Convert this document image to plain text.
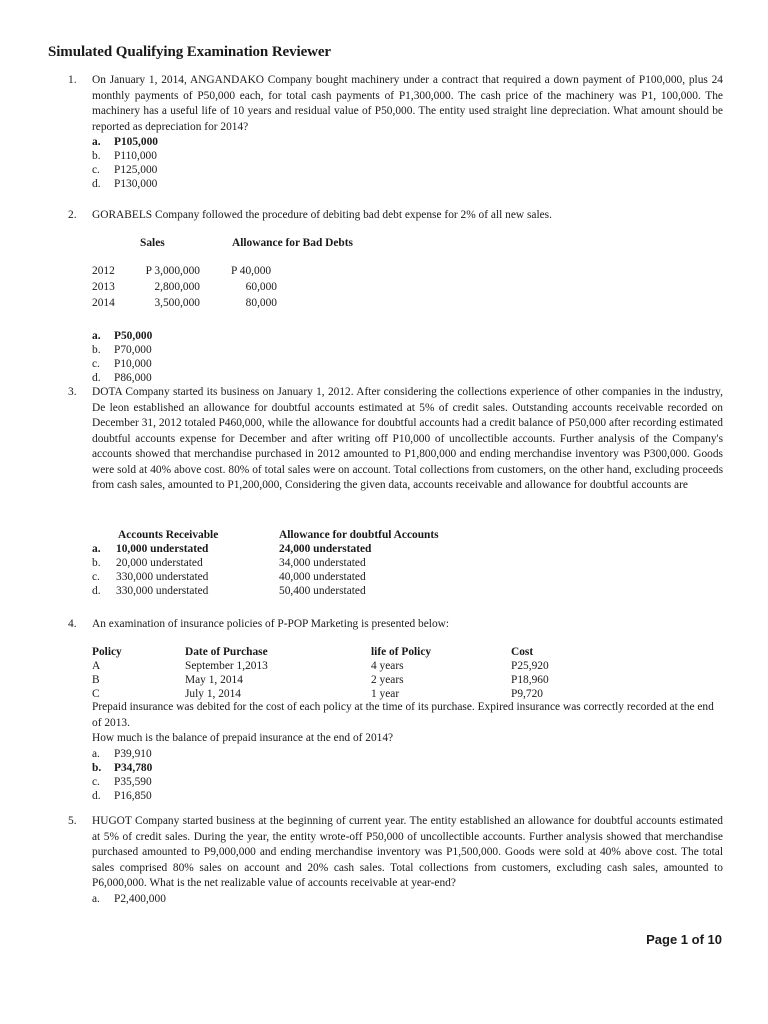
Simulated Qualifying Examination Reviewer
1.	On January 1, 2014, ANGANDAKO Company bought machinery under a contract that required a down payment of P100,000, plus 24 monthly payments of P50,000 each, for total cash payments of P1,300,000. The cash price of the machinery was P1, 100,000. The machinery has a useful life of 10 years and residual value of P50,000. The entity used straight line depreciation. What amount should be reported as depreciation for 2014?
a.	P105,000
b.	P110,000
c.	P125,000
d.	P130,000
2.	GORABELS Company followed the procedure of debiting bad debt expense for 2% of all new sales.
Sales	Allowance for Bad Debts
2012	P 3,000,000	P 40,000
2013	2,800,000	60,000
2014	3,500,000	80,000
a.	P50,000
b.	P70,000
c.	P10,000
d.	P86,000
3.	DOTA Company started its business on January 1, 2012. After considering the collections experience of other companies in the industry, De leon established an allowance for doubtful accounts estimated at 5% of credit sales. Outstanding accounts receivable recorded on December 31, 2012 totaled P460,000, while the allowance for doubtful accounts had a credit balance of P50,000 after recording estimated doubtful accounts expense for December and after writing off P10,000 of uncollectible accounts. Further analysis of the Company's accounts showed that merchandise purchased in 2012 amounted to P1,800,000 and ending merchandise inventory was P300,000. Goods were sold at 40% above cost. 80% of total sales were on account. Total collections from customers, on the other hand, excluding proceeds from cash sales, amounted to P1,200,000, Considering the given data, accounts receivable and allowance for doubtful accounts are
Accounts Receivable	Allowance for doubtful Accounts
a. 10,000 understated	24,000 understated
b. 20,000 understated	34,000 understated
c. 330,000 understated	40,000 understated
d. 330,000 understated	50,400 understated
4.	An examination of insurance policies of P-POP Marketing is presented below:
Policy	Date of Purchase	life of Policy	Cost
A	September 1,2013	4 years	P25,920
B	May 1, 2014	2 years	P18,960
C	July 1, 2014	1 year	P9,720
Prepaid insurance was debited for the cost of each policy at the time of its purchase. Expired insurance was correctly recorded at the end of 2013.
How much is the balance of prepaid insurance at the end of 2014?
a.	P39,910
b.	P34,780
c.	P35,590
d.	P16,850
5.	HUGOT Company started business at the beginning of current year. The entity established an allowance for doubtful accounts estimated at 5% of credit sales. During the year, the entity wrote-off P50,000 of uncollectible accounts. Further analysis showed that merchandise purchased amounted to P9,000,000 and ending merchandise inventory was P1,500,000. Goods were sold at 40% above cost. The total sales comprised 80% sales on account and 20% cash sales. Total collections from customers, excluding cash sales, amounted to P6,000,000. What is the net realizable value of accounts receivable at year-end?
a.	P2,400,000
Page 1 of 10
